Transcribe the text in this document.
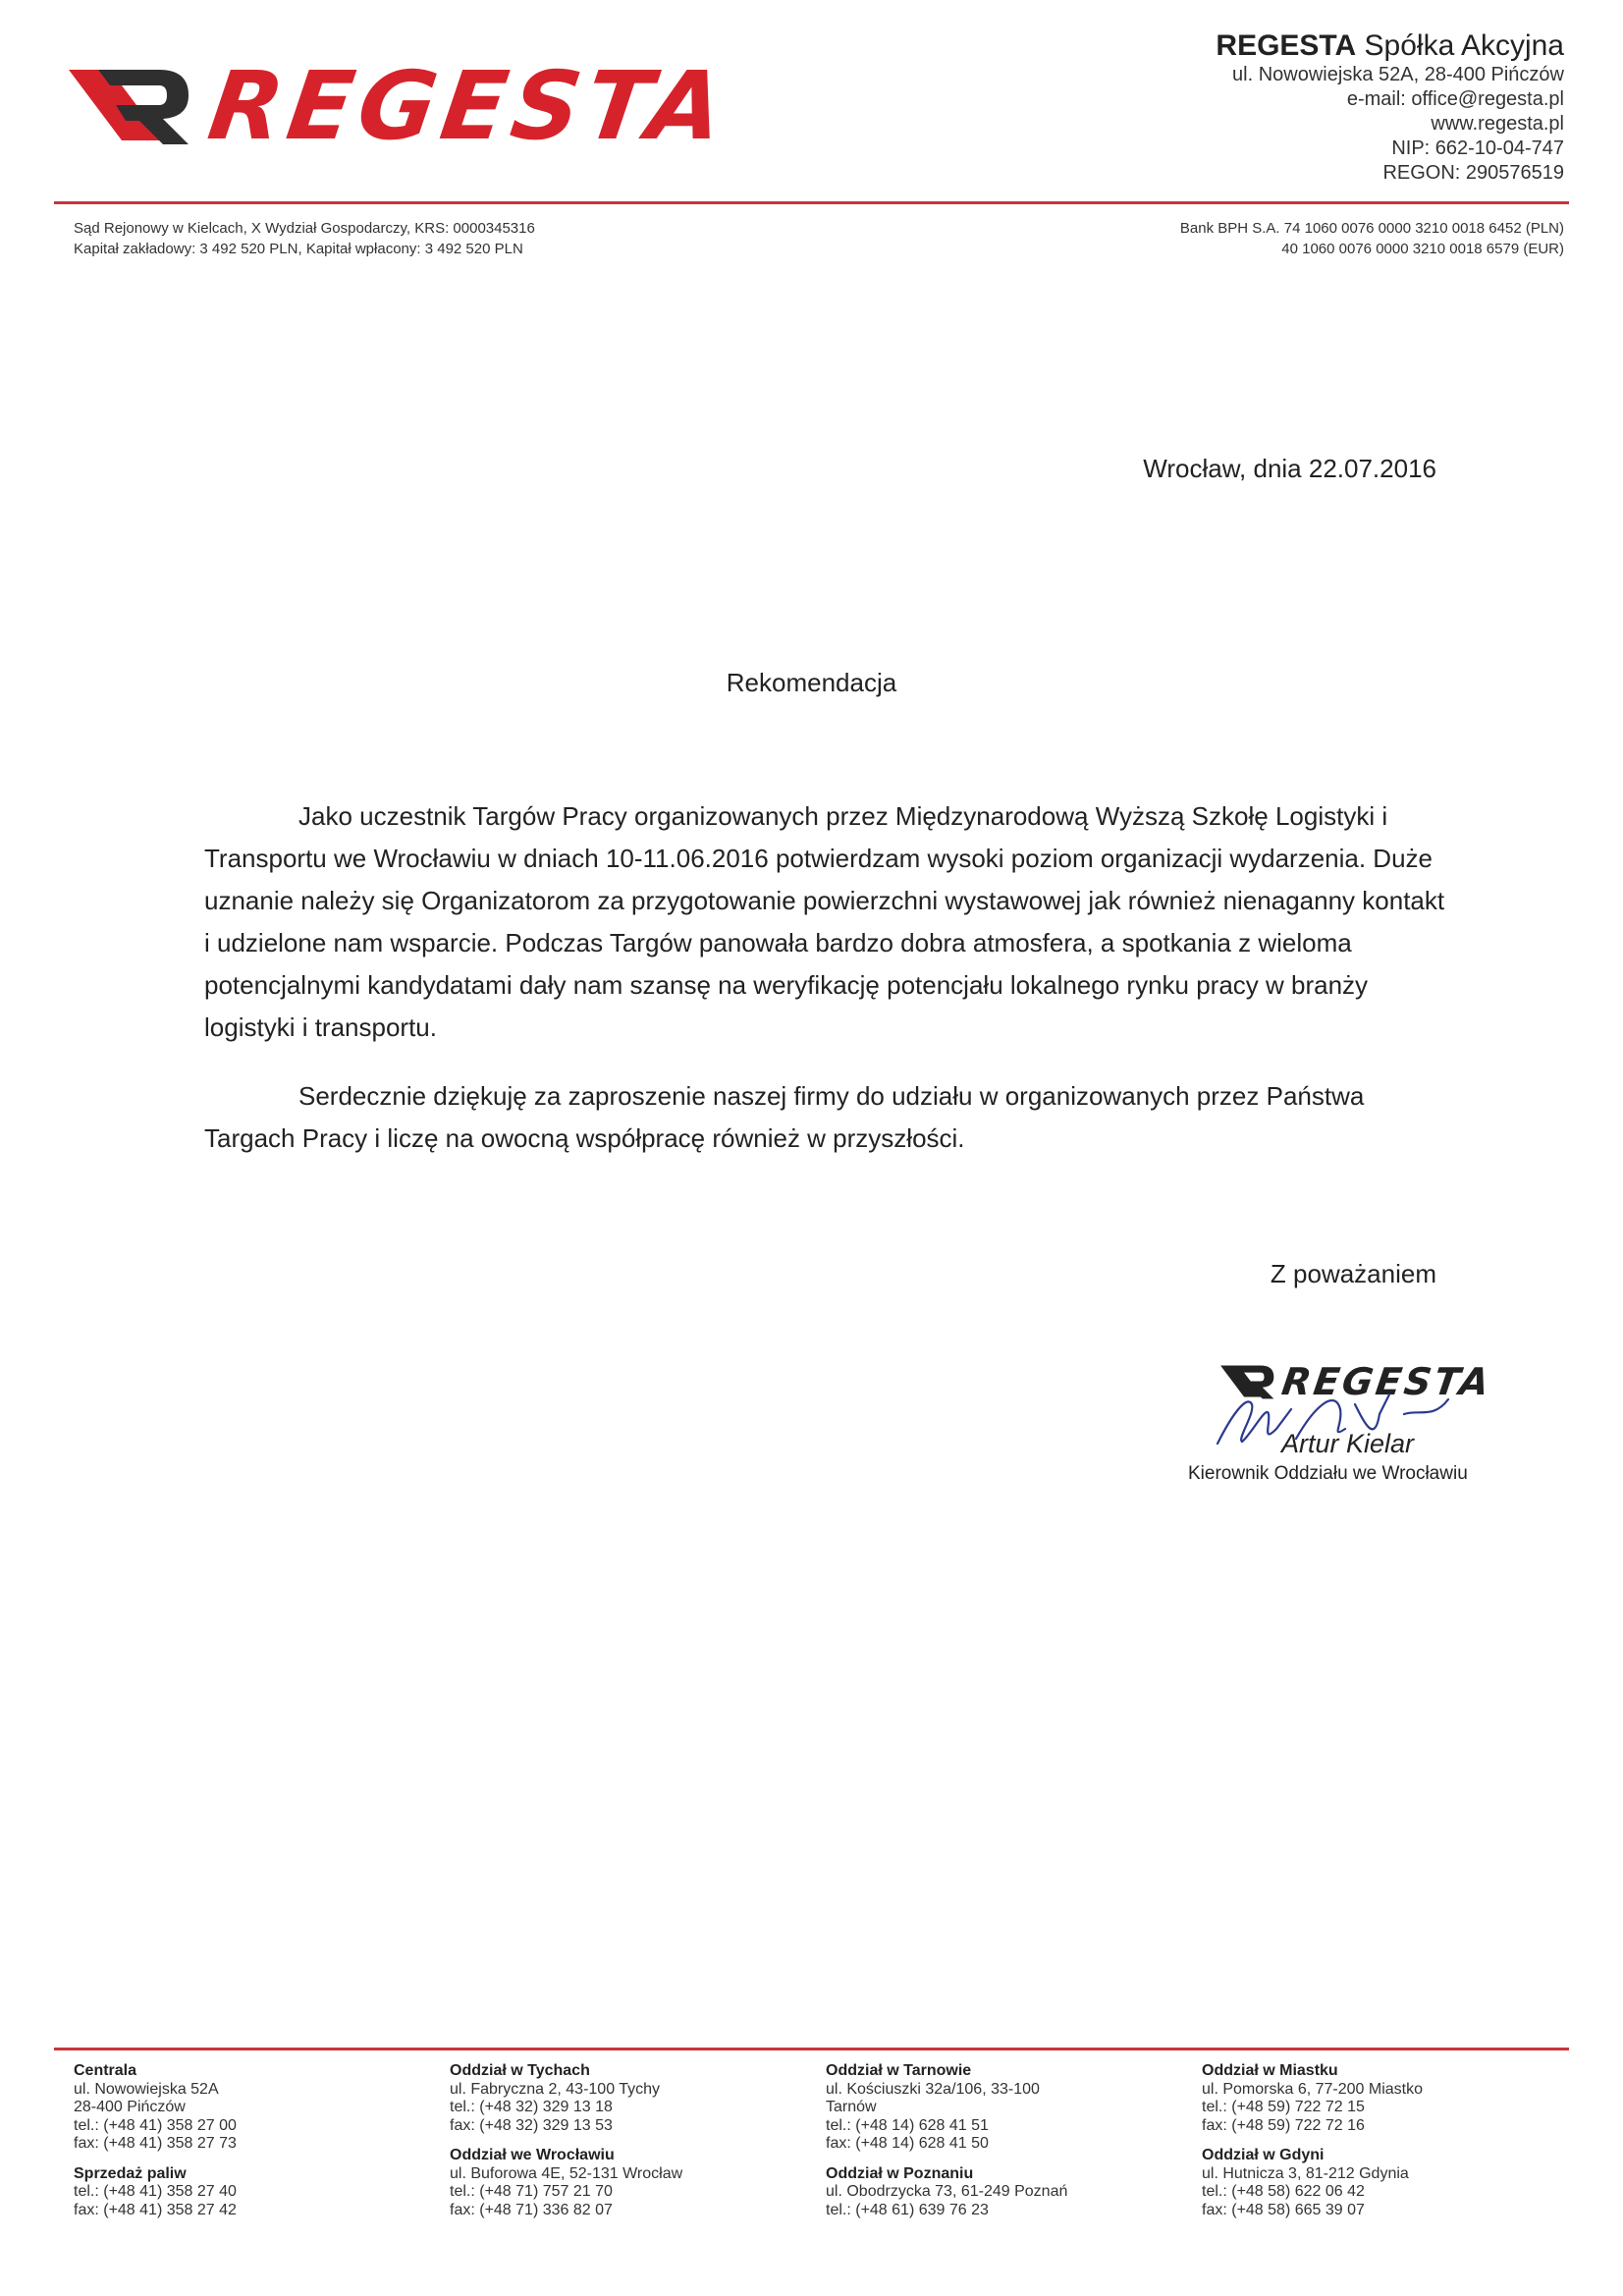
REGESTA
REGESTA Spółka Akcyjna
ul. Nowowiejska 52A, 28-400 Pińczów
e-mail: office@regesta.pl
www.regesta.pl
NIP: 662-10-04-747
REGON: 290576519
Sąd Rejonowy w Kielcach, X Wydział Gospodarczy, KRS: 0000345316
Kapitał zakładowy: 3 492 520 PLN, Kapitał wpłacony: 3 492 520 PLN
Bank BPH S.A. 74 1060 0076 0000 3210 0018 6452 (PLN)
40 1060 0076 0000 3210 0018 6579 (EUR)
Wrocław, dnia 22.07.2016
Rekomendacja

Jako uczestnik Targów Pracy organizowanych przez Międzynarodową Wyższą Szkołę Logistyki i Transportu we Wrocławiu w dniach 10-11.06.2016 potwierdzam wysoki poziom organizacji wydarzenia. Duże uznanie należy się Organizatorom za przygotowanie powierzchni wystawowej jak również nienaganny kontakt i udzielone nam wsparcie. Podczas Targów panowała bardzo dobra atmosfera, a spotkania z wieloma potencjalnymi kandydatami dały nam szansę na weryfikację potencjału lokalnego rynku pracy w branży logistyki i transportu.

Serdecznie dziękuję za zaproszenie naszej firmy do udziału w organizowanych przez Państwa Targach Pracy i liczę na owocną współpracę również w przyszłości.

Z poważaniem
REGESTA
Artur Kielar
Kierownik Oddziału we Wrocławiu
Centrala
ul. Nowowiejska 52A
28-400 Pińczów
tel.: (+48 41) 358 27 00
fax: (+48 41) 358 27 73
Sprzedaż paliw
tel.: (+48 41) 358 27 40
fax: (+48 41) 358 27 42
Oddział w Tychach
ul. Fabryczna 2, 43-100 Tychy
tel.: (+48 32) 329 13 18
fax: (+48 32) 329 13 53
Oddział we Wrocławiu
ul. Buforowa 4E, 52-131 Wrocław
tel.: (+48 71) 757 21 70
fax: (+48 71) 336 82 07
Oddział w Tarnowie
ul. Kościuszki 32a/106, 33-100
Tarnów
tel.: (+48 14) 628 41 51
fax: (+48 14) 628 41 50
Oddział w Poznaniu
ul. Obodrzycka 73, 61-249 Poznań
tel.: (+48 61) 639 76 23
Oddział w Miastku
ul. Pomorska 6, 77-200 Miastko
tel.: (+48 59) 722 72 15
fax: (+48 59) 722 72 16
Oddział w Gdyni
ul. Hutnicza 3, 81-212 Gdynia
tel.: (+48 58) 622 06 42
fax: (+48 58) 665 39 07
